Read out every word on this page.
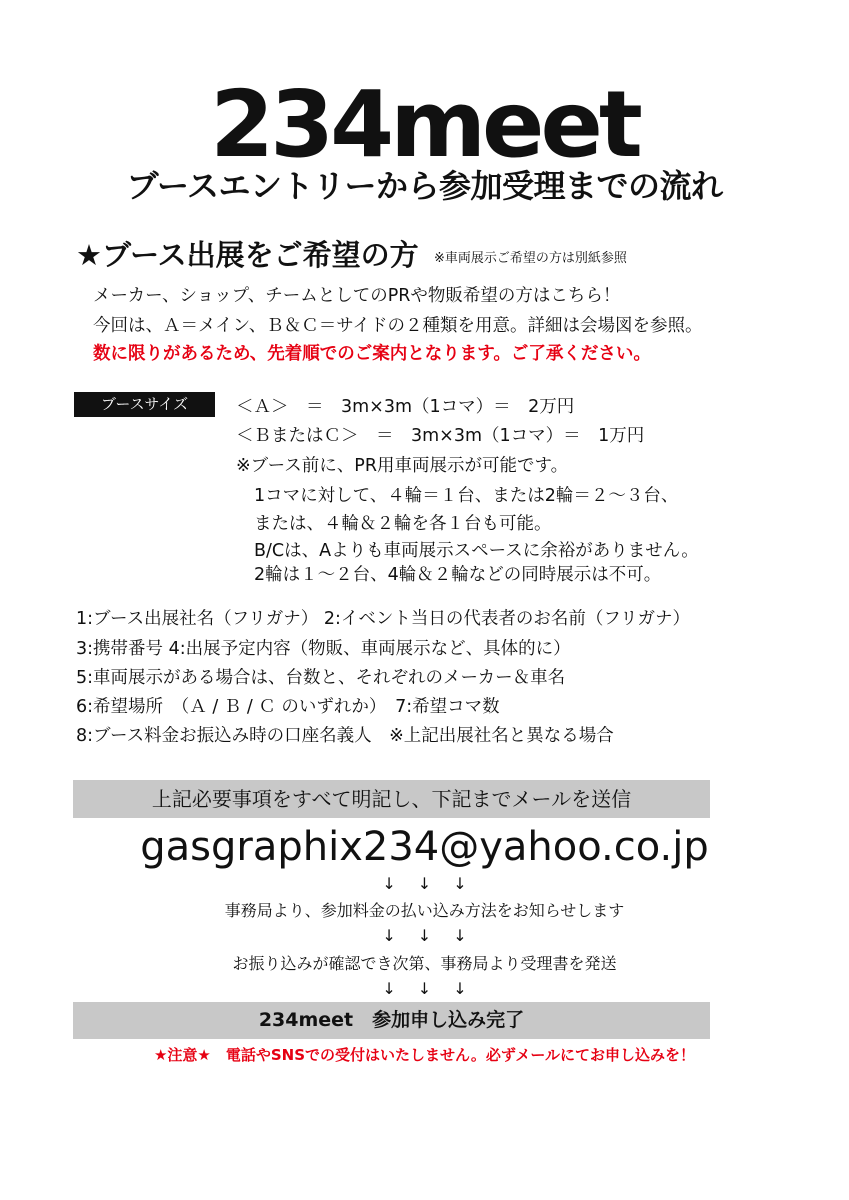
234meet
ブースエントリーから参加受理までの流れ
★ブース出展をご希望の方 ※車両展示ご希望の方は別紙参照
メーカー、ショップ、チームとしてのPRや物販希望の方はこちら！
今回は、Ａ＝メイン、Ｂ＆Ｃ＝サイドの２種類を用意。詳細は会場図を参照。
数に限りがあるため、先着順でのご案内となります。ご了承ください。
ブースサイズ	＜Ａ＞　＝　3m×3m（1コマ）＝　2万円
＜ＢまたはＣ＞　＝　3m×3m（1コマ）＝　1万円
※ブース前に、PR用車両展示が可能です。
1コマに対して、４輪＝１台、または2輪＝２〜３台、
または、４輪＆２輪を各１台も可能。
B/Cは、Aよりも車両展示スペースに余裕がありません。
2輪は１〜２台、4輪＆２輪などの同時展示は不可。
1:ブース出展社名（フリガナ） 2:イベント当日の代表者のお名前（フリガナ）
3:携帯番号 4:出展予定内容（物販、車両展示など、具体的に）
5:車両展示がある場合は、台数と、それぞれのメーカー＆車名
6:希望場所　（Ａ / Ｂ / Ｃ のいずれか）　7:希望コマ数
8:ブース料金お振込み時の口座名義人　※上記出展社名と異なる場合
上記必要事項をすべて明記し、下記までメールを送信
gasgraphix234@yahoo.co.jp
↓↓↓
事務局より、参加料金の払い込み方法をお知らせします
↓↓↓
お振り込みが確認でき次第、事務局より受理書を発送
↓↓↓
234meet　参加申し込み完了
★注意★　電話やSNSでの受付はいたしません。必ずメールにてお申し込みを！
